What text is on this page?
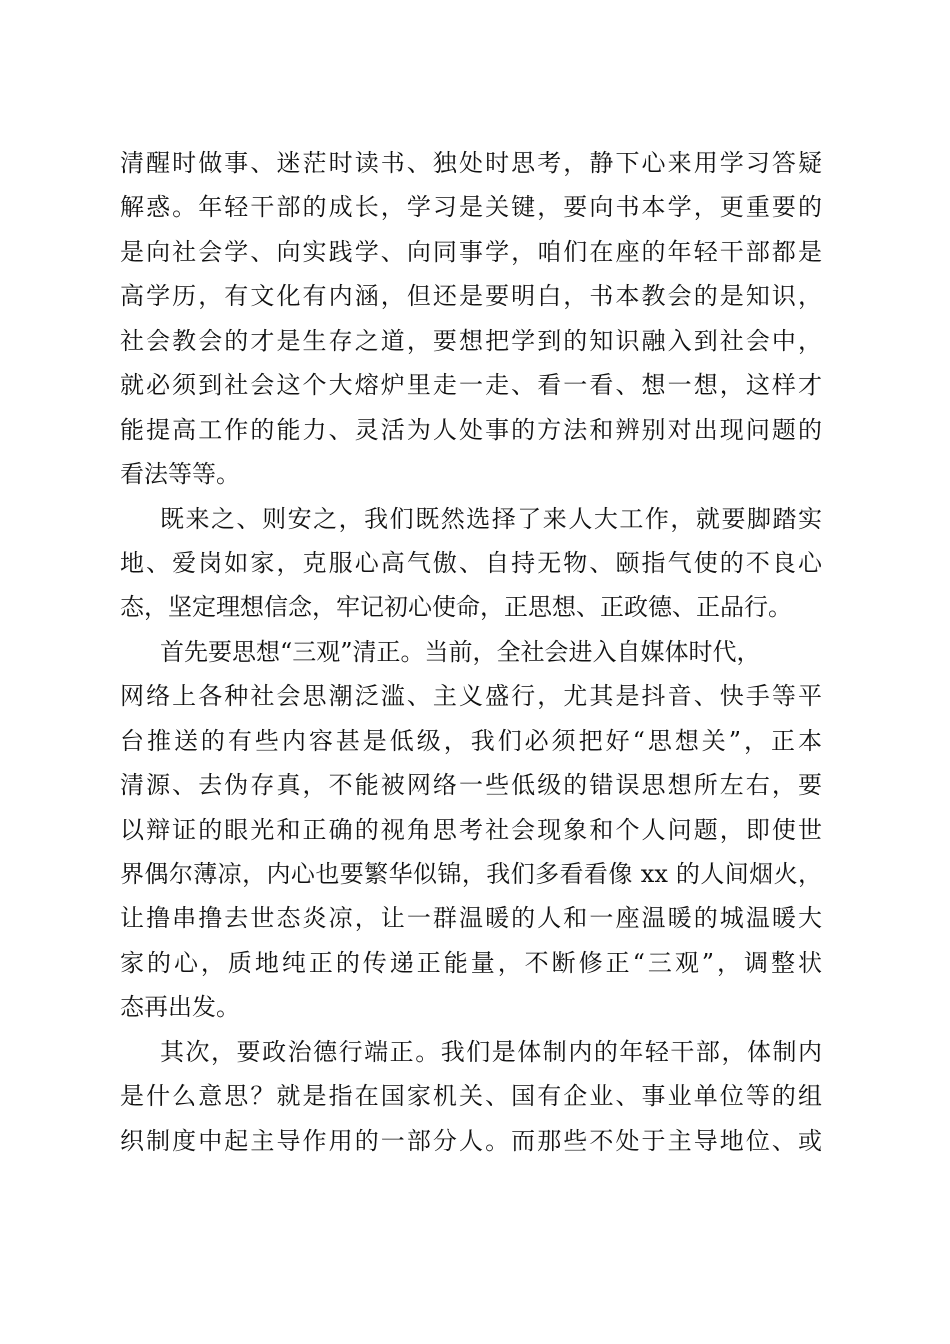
清醒时做事、迷茫时读书、独处时思考，静下心来用学习答疑
解惑。年轻干部的成长，学习是关键，要向书本学，更重要的
是向社会学、向实践学、向同事学，咱们在座的年轻干部都是
高学历，有文化有内涵，但还是要明白，书本教会的是知识，
社会教会的才是生存之道，要想把学到的知识融入到社会中，
就必须到社会这个大熔炉里走一走、看一看、想一想，这样才
能提高工作的能力、灵活为人处事的方法和辨别对出现问题的
看法等等。
既来之、则安之，我们既然选择了来人大工作，就要脚踏实
地、爱岗如家，克服心高气傲、自持无物、颐指气使的不良心
态，坚定理想信念，牢记初心使命，正思想、正政德、正品行。
首先要思想“三观”清正。当前，全社会进入自媒体时代，
网络上各种社会思潮泛滥、主义盛行，尤其是抖音、快手等平
台推送的有些内容甚是低级，我们必须把好“思想关”，正本
清源、去伪存真，不能被网络一些低级的错误思想所左右，要
以辩证的眼光和正确的视角思考社会现象和个人问题，即使世
界偶尔薄凉，内心也要繁华似锦，我们多看看像 xx 的人间烟火，
让撸串撸去世态炎凉，让一群温暖的人和一座温暖的城温暖大
家的心，质地纯正的传递正能量，不断修正“三观”，调整状
态再出发。
其次，要政治德行端正。我们是体制内的年轻干部，体制内
是什么意思？就是指在国家机关、国有企业、事业单位等的组
织制度中起主导作用的一部分人。而那些不处于主导地位、或
